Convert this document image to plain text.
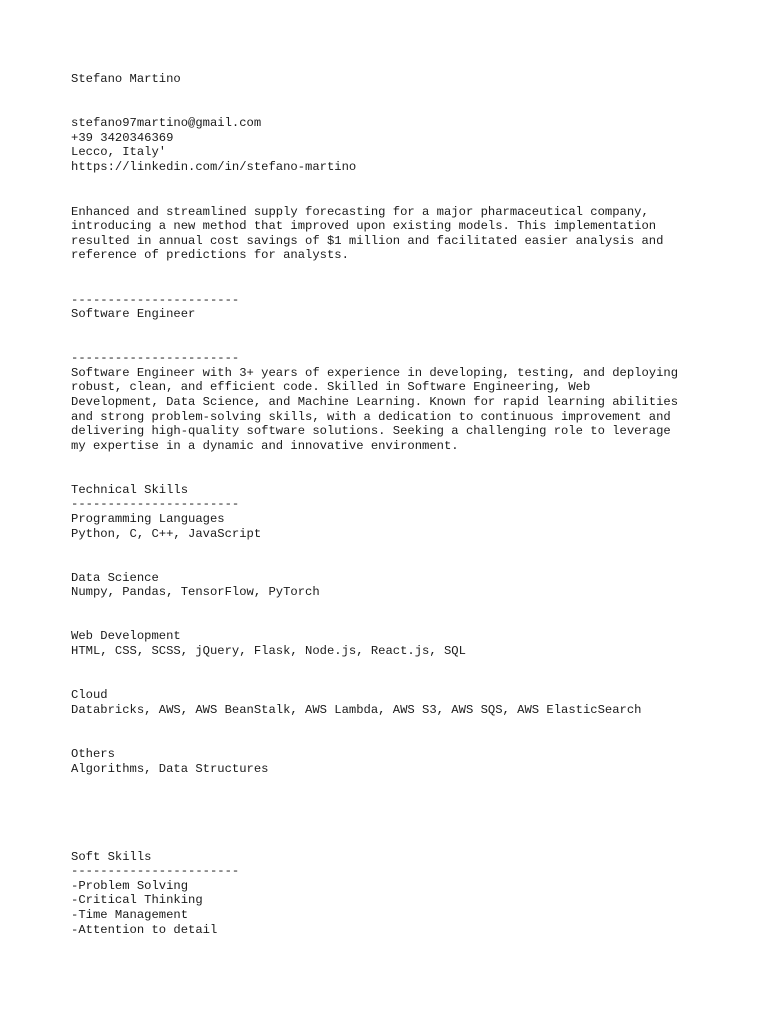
Stefano Martino

stefano97martino@gmail.com

+39 3420346369

Lecco, Italy'

https://linkedin.com/in/stefano-martino

Enhanced and streamlined supply forecasting for a major pharmaceutical company,

introducing a new method that improved upon existing models. This implementation

resulted in annual cost savings of $1 million and facilitated easier analysis and

reference of predictions for analysts.

-----------------------

Software Engineer

-----------------------

Software Engineer with 3+ years of experience in developing, testing, and deploying

robust, clean, and efficient code. Skilled in Software Engineering, Web

Development, Data Science, and Machine Learning. Known for rapid learning abilities

and strong problem-solving skills, with a dedication to continuous improvement and

delivering high-quality software solutions. Seeking a challenging role to leverage

my expertise in a dynamic and innovative environment.

Technical Skills

-----------------------

Programming Languages

Python, C, C++, JavaScript

Data Science

Numpy, Pandas, TensorFlow, PyTorch

Web Development

HTML, CSS, SCSS, jQuery, Flask, Node.js, React.js, SQL

Cloud

Databricks, AWS, AWS BeanStalk, AWS Lambda, AWS S3, AWS SQS, AWS ElasticSearch

Others

Algorithms, Data Structures

Soft Skills

-----------------------

-Problem Solving

-Critical Thinking

-Time Management

-Attention to detail
